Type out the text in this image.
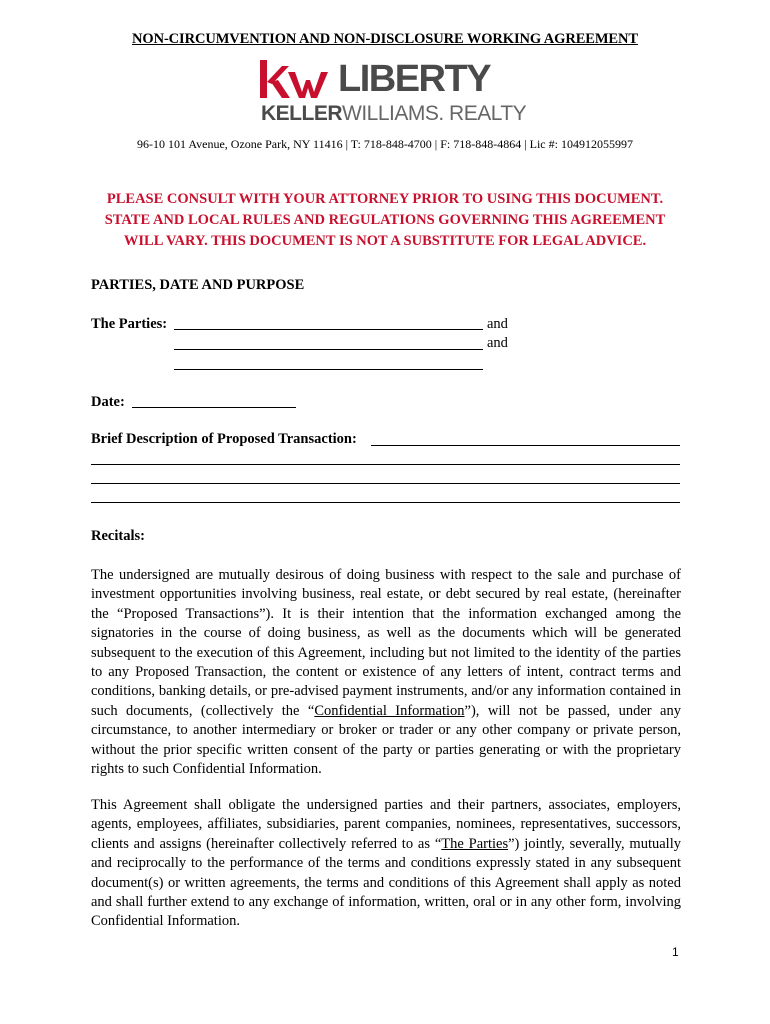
NON-CIRCUMVENTION AND NON-DISCLOSURE WORKING AGREEMENT
LIBERTY
KELLERWILLIAMS. REALTY
96-10 101 Avenue, Ozone Park, NY 11416 | T: 718-848-4700 | F: 718-848-4864 | Lic #: 104912055997
PLEASE CONSULT WITH YOUR ATTORNEY PRIOR TO USING THIS DOCUMENT. STATE AND LOCAL RULES AND REGULATIONS GOVERNING THIS AGREEMENT WILL VARY. THIS DOCUMENT IS NOT A SUBSTITUTE FOR LEGAL ADVICE.
PARTIES, DATE AND PURPOSE
The Parties:	and
and
Date:
Brief Description of Proposed Transaction:
Recitals:
The undersigned are mutually desirous of doing business with respect to the sale and purchase of investment opportunities involving business, real estate, or debt secured by real estate, (hereinafter the “Proposed Transactions”). It is their intention that the information exchanged among the signatories in the course of doing business, as well as the documents which will be generated subsequent to the execution of this Agreement, including but not limited to the identity of the parties to any Proposed Transaction, the content or existence of any letters of intent, contract terms and conditions, banking details, or pre-advised payment instruments, and/or any information contained in such documents, (collectively the “Confidential Information”), will not be passed, under any circumstance, to another intermediary or broker or trader or any other company or private person, without the prior specific written consent of the party or parties generating or with the proprietary rights to such Confidential Information.
This Agreement shall obligate the undersigned parties and their partners, associates, employers, agents, employees, affiliates, subsidiaries, parent companies, nominees, representatives, successors, clients and assigns (hereinafter collectively referred to as “The Parties”) jointly, severally, mutually and reciprocally to the performance of the terms and conditions expressly stated in any subsequent document(s) or written agreements, the terms and conditions of this Agreement shall apply as noted and shall further extend to any exchange of information, written, oral or in any other form, involving Confidential Information.
1
